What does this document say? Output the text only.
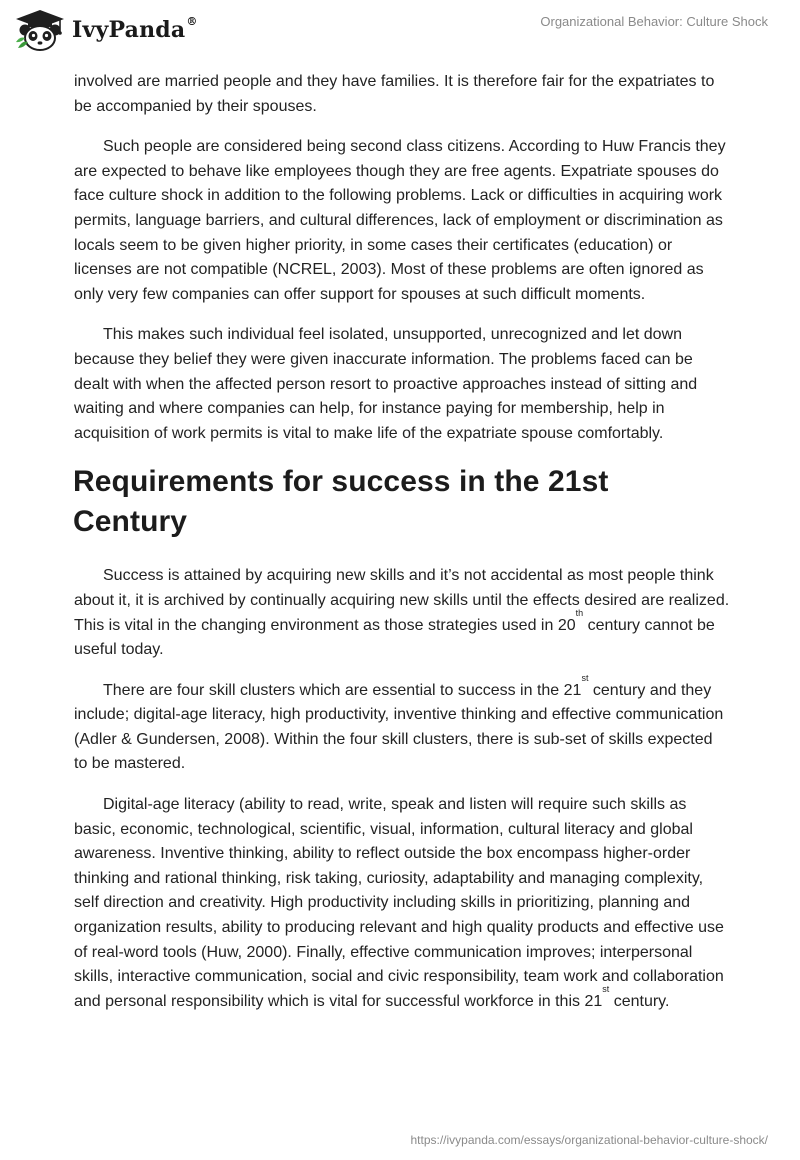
IvyPanda®	Organizational Behavior: Culture Shock

involved are married people and they have families. It is therefore fair for the expatriates to be accompanied by their spouses.

Such people are considered being second class citizens. According to Huw Francis they are expected to behave like employees though they are free agents. Expatriate spouses do face culture shock in addition to the following problems. Lack or difficulties in acquiring work permits, language barriers, and cultural differences, lack of employment or discrimination as locals seem to be given higher priority, in some cases their certificates (education) or licenses are not compatible (NCREL, 2003). Most of these problems are often ignored as only very few companies can offer support for spouses at such difficult moments.

This makes such individual feel isolated, unsupported, unrecognized and let down because they belief they were given inaccurate information. The problems faced can be dealt with when the affected person resort to proactive approaches instead of sitting and waiting and where companies can help, for instance paying for membership, help in acquisition of work permits is vital to make life of the expatriate spouse comfortably.

Requirements for success in the 21st Century

Success is attained by acquiring new skills and it’s not accidental as most people think about it, it is archived by continually acquiring new skills until the effects desired are realized. This is vital in the changing environment as those strategies used in 20th century cannot be useful today.

There are four skill clusters which are essential to success in the 21st century and they include; digital-age literacy, high productivity, inventive thinking and effective communication (Adler & Gundersen, 2008). Within the four skill clusters, there is sub-set of skills expected to be mastered.

Digital-age literacy (ability to read, write, speak and listen will require such skills as basic, economic, technological, scientific, visual, information, cultural literacy and global awareness. Inventive thinking, ability to reflect outside the box encompass higher-order thinking and rational thinking, risk taking, curiosity, adaptability and managing complexity, self direction and creativity. High productivity including skills in prioritizing, planning and organization results, ability to producing relevant and high quality products and effective use of real-word tools (Huw, 2000). Finally, effective communication improves; interpersonal skills, interactive communication, social and civic responsibility, team work and collaboration and personal responsibility which is vital for successful workforce in this 21st century.

https://ivypanda.com/essays/organizational-behavior-culture-shock/
